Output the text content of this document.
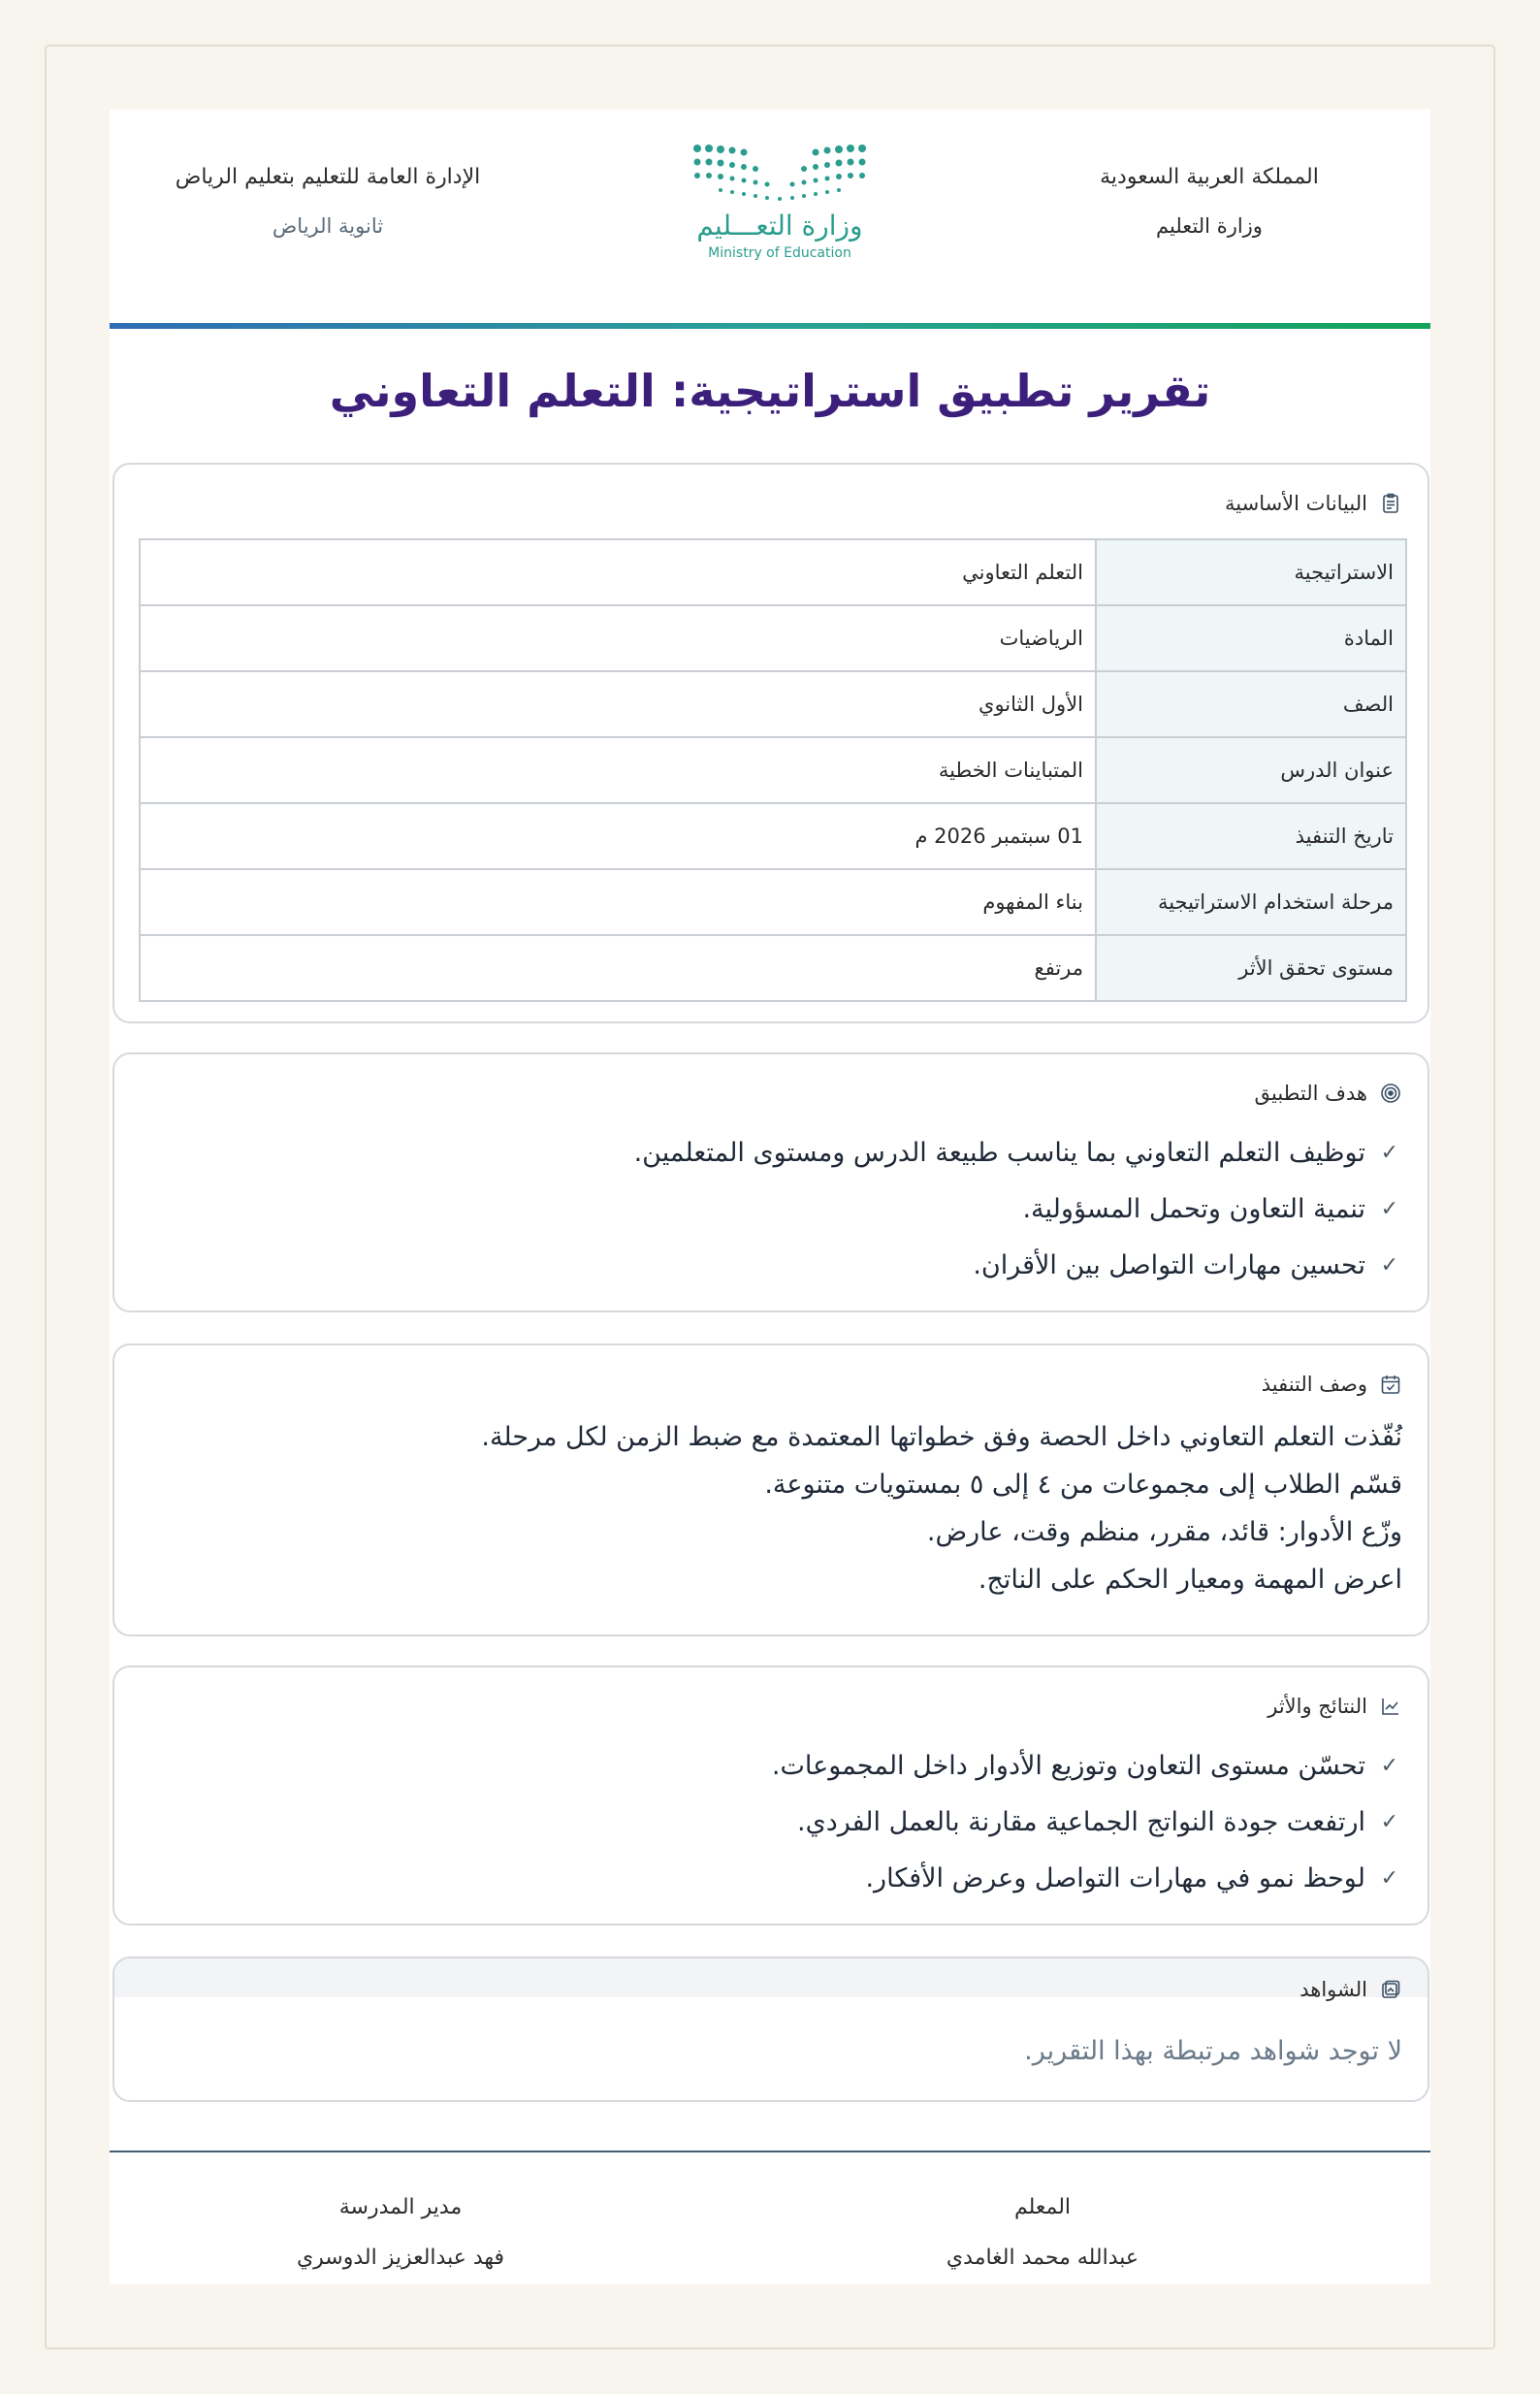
المملكة العربية السعودية
وزارة التعليم
وزارة التعـــليم
Ministry of Education
الإدارة العامة للتعليم بتعليم الرياض
ثانوية الرياض
تقرير تطبيق استراتيجية: التعلم التعاوني
البيانات الأساسية
الاستراتيجية	التعلم التعاوني
المادة	الرياضيات
الصف	الأول الثانوي
عنوان الدرس	المتباينات الخطية
تاريخ التنفيذ	01 سبتمبر 2026 م
مرحلة استخدام الاستراتيجية	بناء المفهوم
مستوى تحقق الأثر	مرتفع
هدف التطبيق
✓
توظيف التعلم التعاوني بما يناسب طبيعة الدرس ومستوى المتعلمين.
✓
تنمية التعاون وتحمل المسؤولية.
✓
تحسين مهارات التواصل بين الأقران.
وصف التنفيذ

نُفّذت التعلم التعاوني داخل الحصة وفق خطواتها المعتمدة مع ضبط الزمن لكل مرحلة.

قسّم الطلاب إلى مجموعات من ٤ إلى ٥ بمستويات متنوعة.

وزّع الأدوار: قائد، مقرر، منظم وقت، عارض.

اعرض المهمة ومعيار الحكم على الناتج.

النتائج والأثر
✓
تحسّن مستوى التعاون وتوزيع الأدوار داخل المجموعات.
✓
ارتفعت جودة النواتج الجماعية مقارنة بالعمل الفردي.
✓
لوحظ نمو في مهارات التواصل وعرض الأفكار.
الشواهد
لا توجد شواهد مرتبطة بهذا التقرير.
المعلم
عبدالله محمد الغامدي
مدير المدرسة
فهد عبدالعزيز الدوسري
